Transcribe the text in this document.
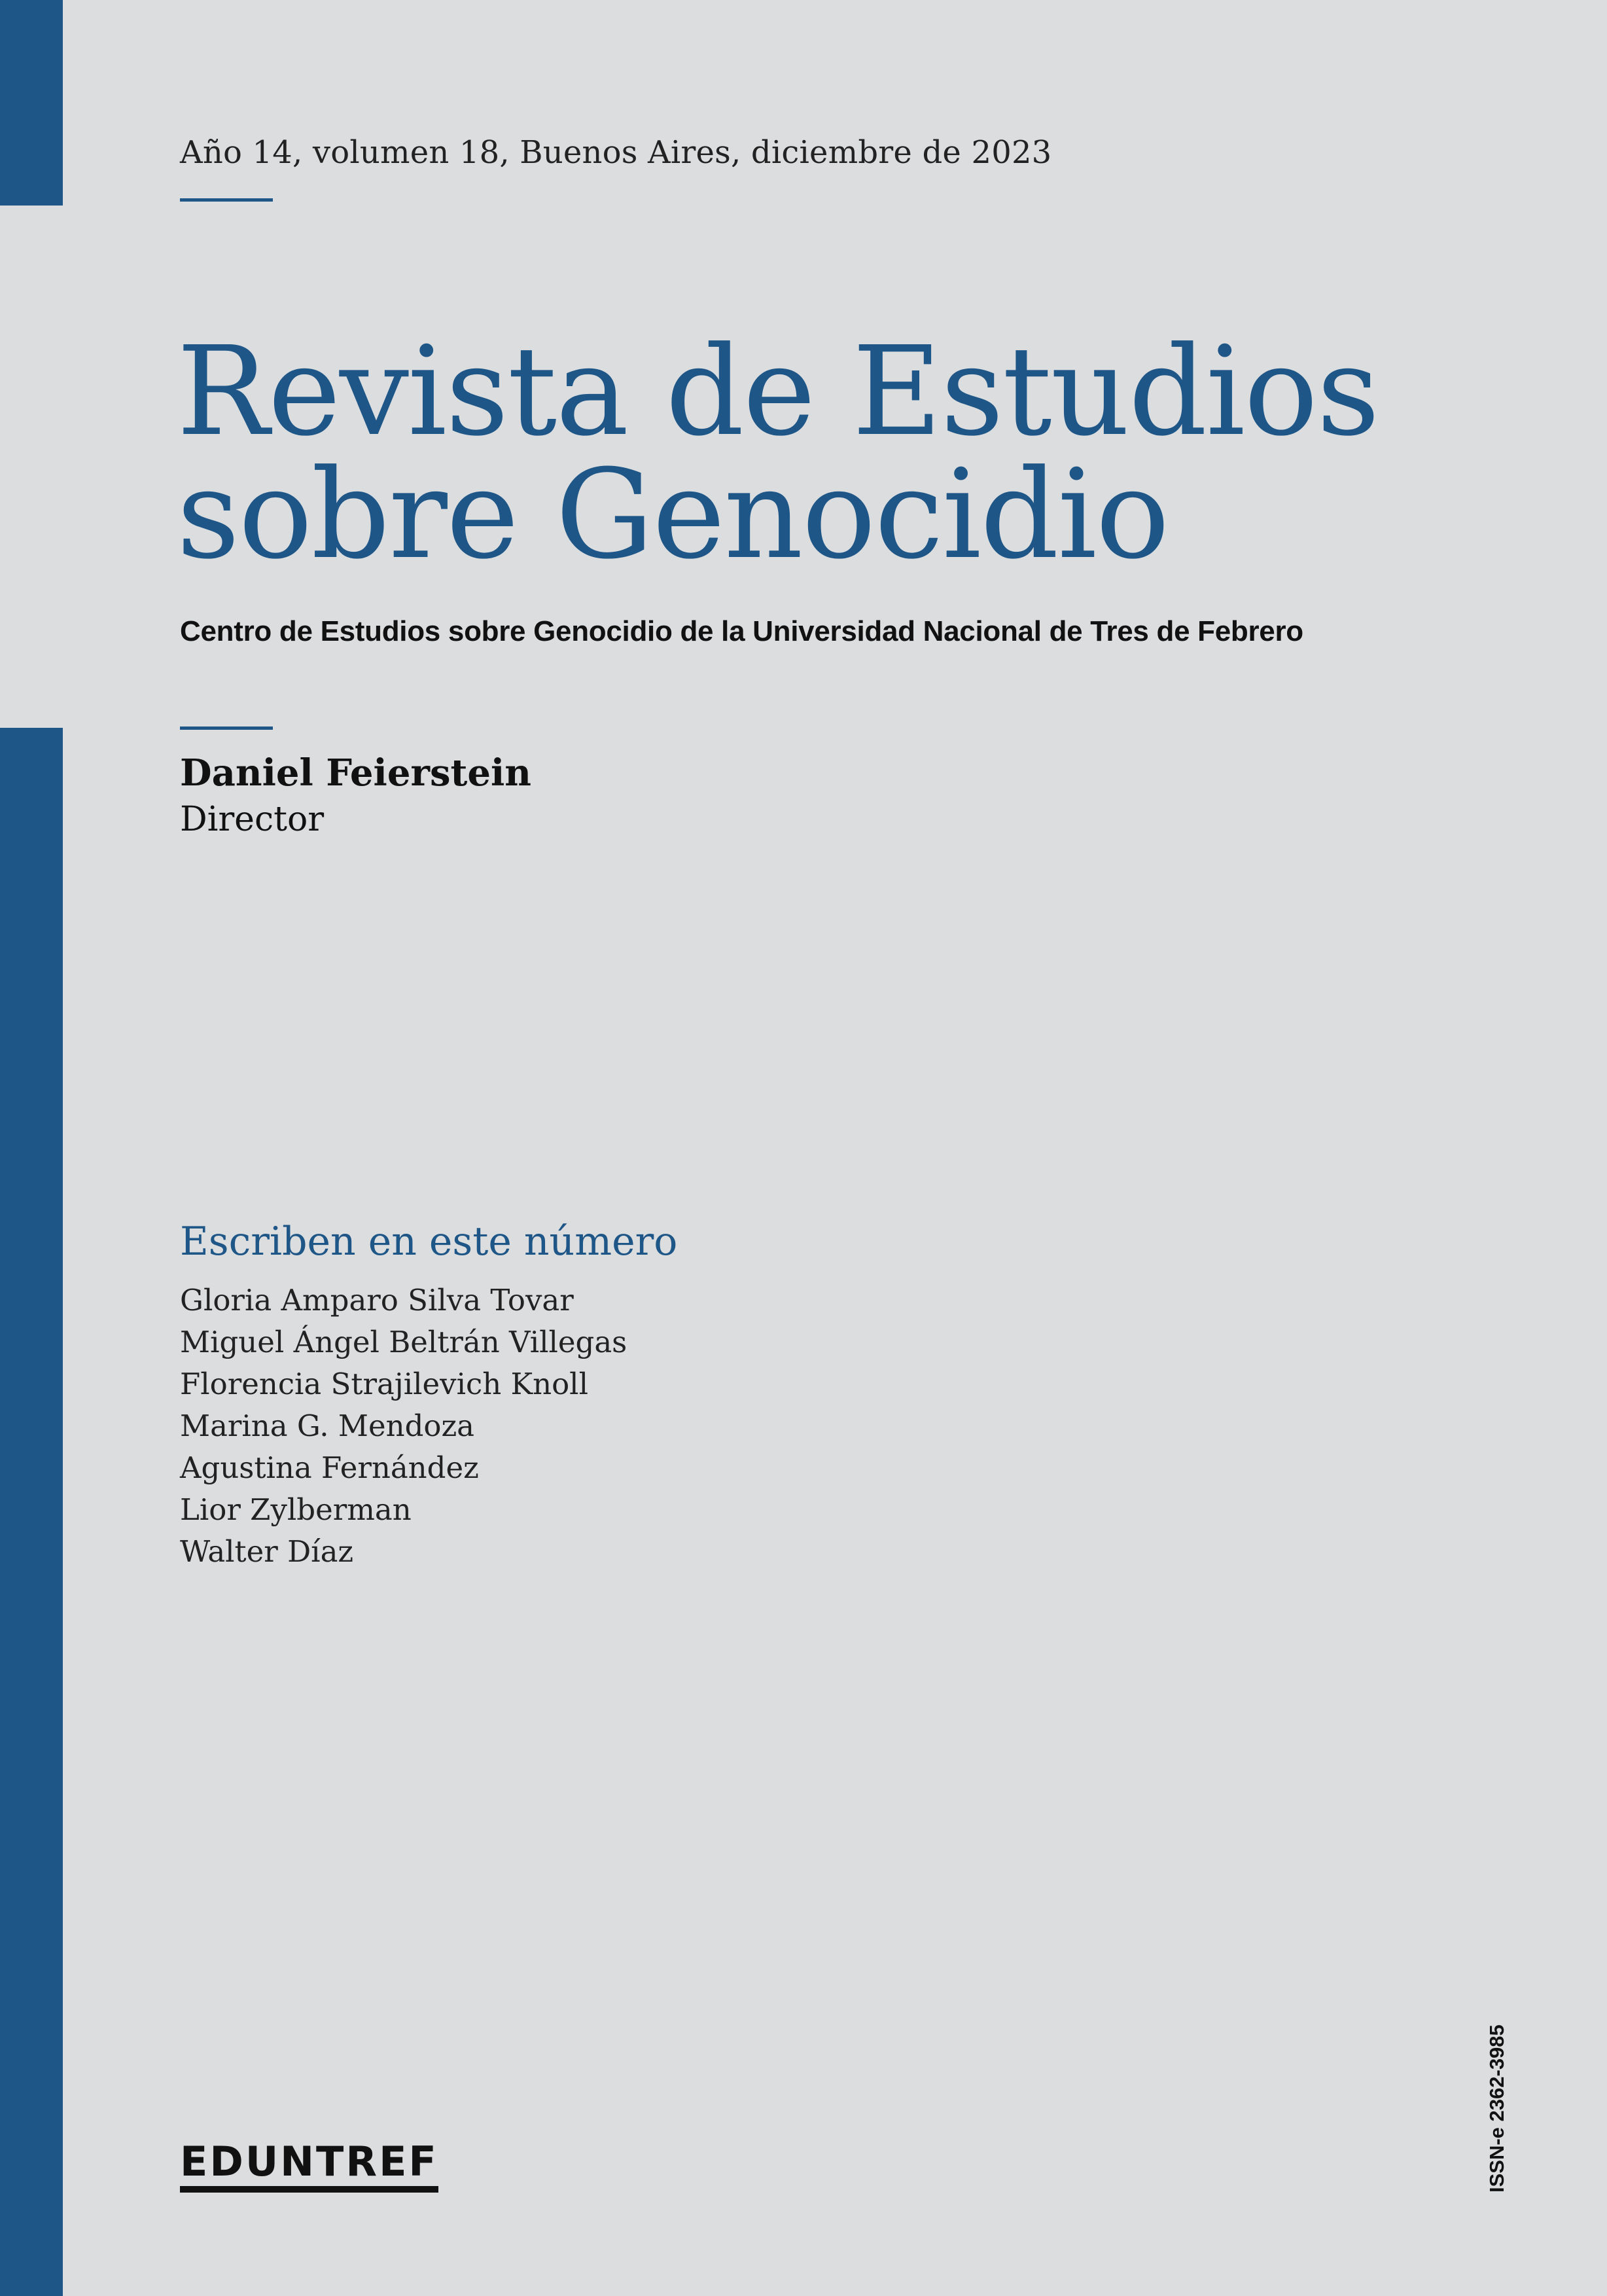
Año 14, volumen 18, Buenos Aires, diciembre de 2023
Revista de Estudios
sobre Genocidio
Centro de Estudios sobre Genocidio de la Universidad Nacional de Tres de Febrero
Daniel Feierstein
Director
Escriben en este número
Gloria Amparo Silva Tovar
Miguel Ángel Beltrán Villegas
Florencia Strajilevich Knoll
Marina G. Mendoza
Agustina Fernández
Lior Zylberman
Walter Díaz
EDUNTREF	ISSN-e 2362-3985
